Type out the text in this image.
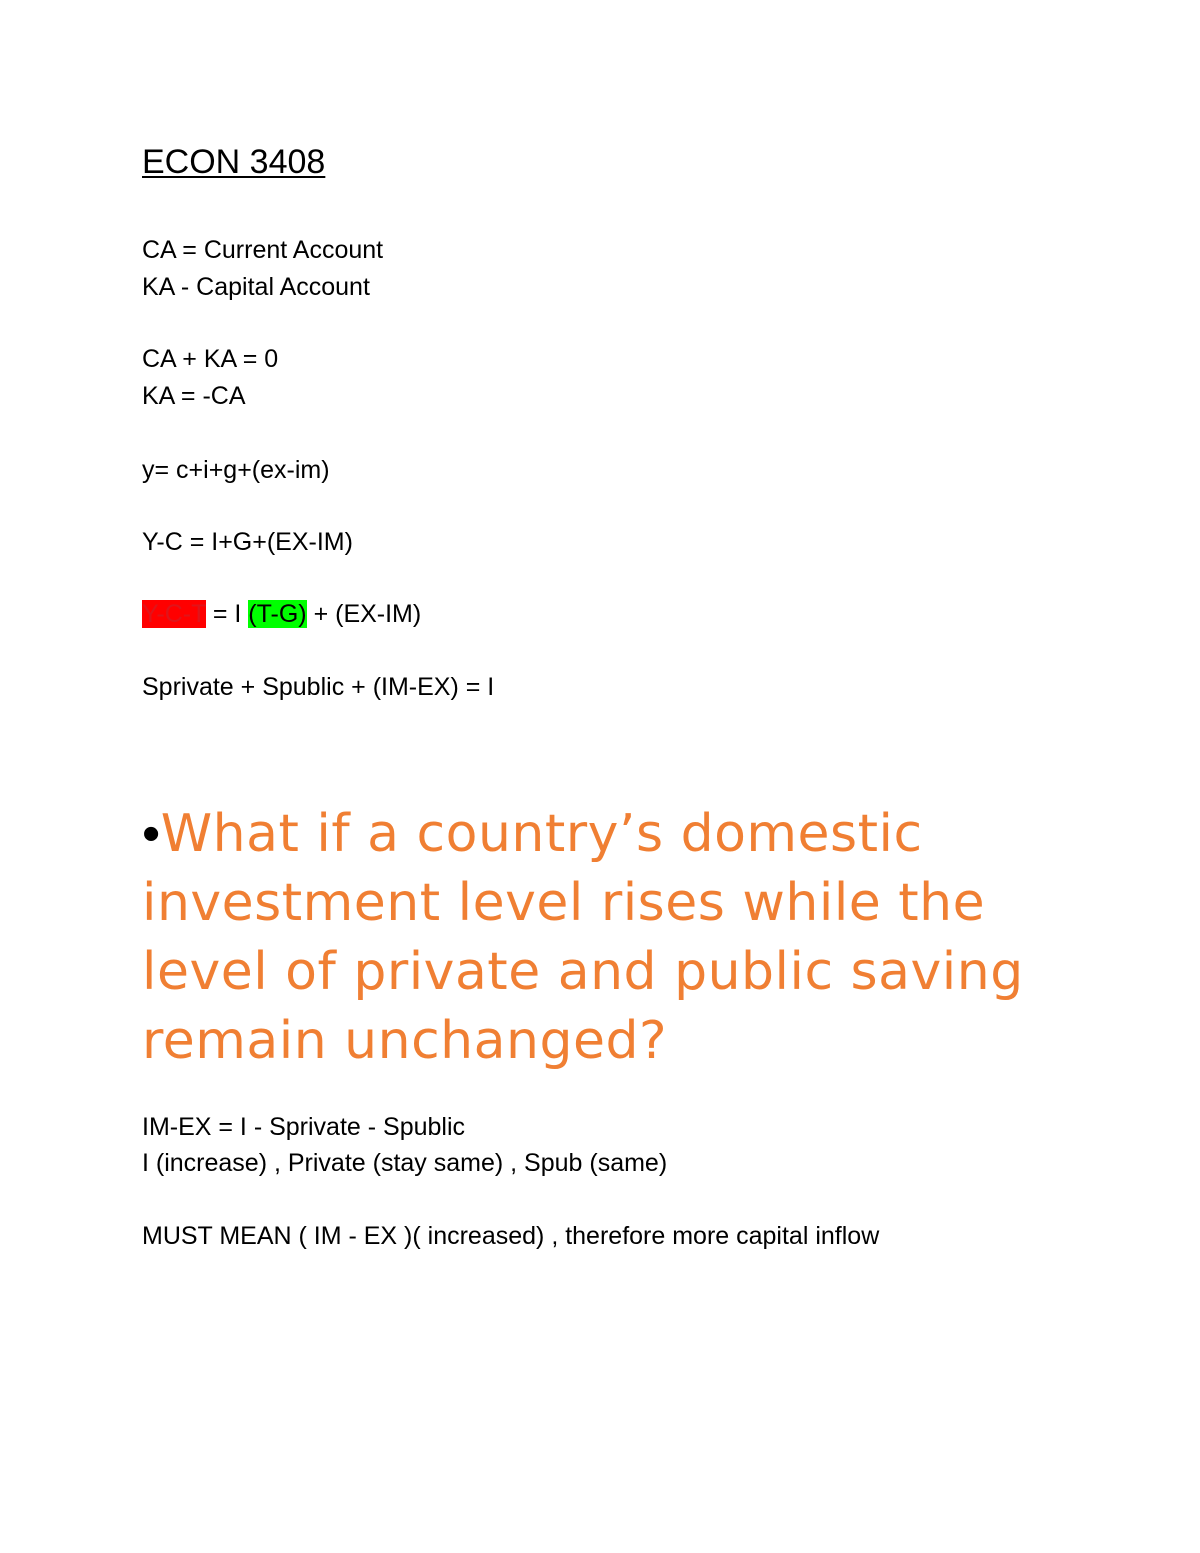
ECON 3408
CA = Current Account
KA - Capital Account
CA + KA = 0
KA = -CA
y= c+i+g+(ex-im)
Y-C = I+G+(EX-IM)
Y-C-T = I (T-G) + (EX-IM)
Sprivate + Spublic + (IM-EX) = I
•What if a country’s domestic investment level rises while the level of private and public saving remain unchanged?
IM-EX = I - Sprivate - Spublic
I (increase) , Private (stay same) , Spub (same)
MUST MEAN ( IM - EX )( increased) , therefore more capital inflow
